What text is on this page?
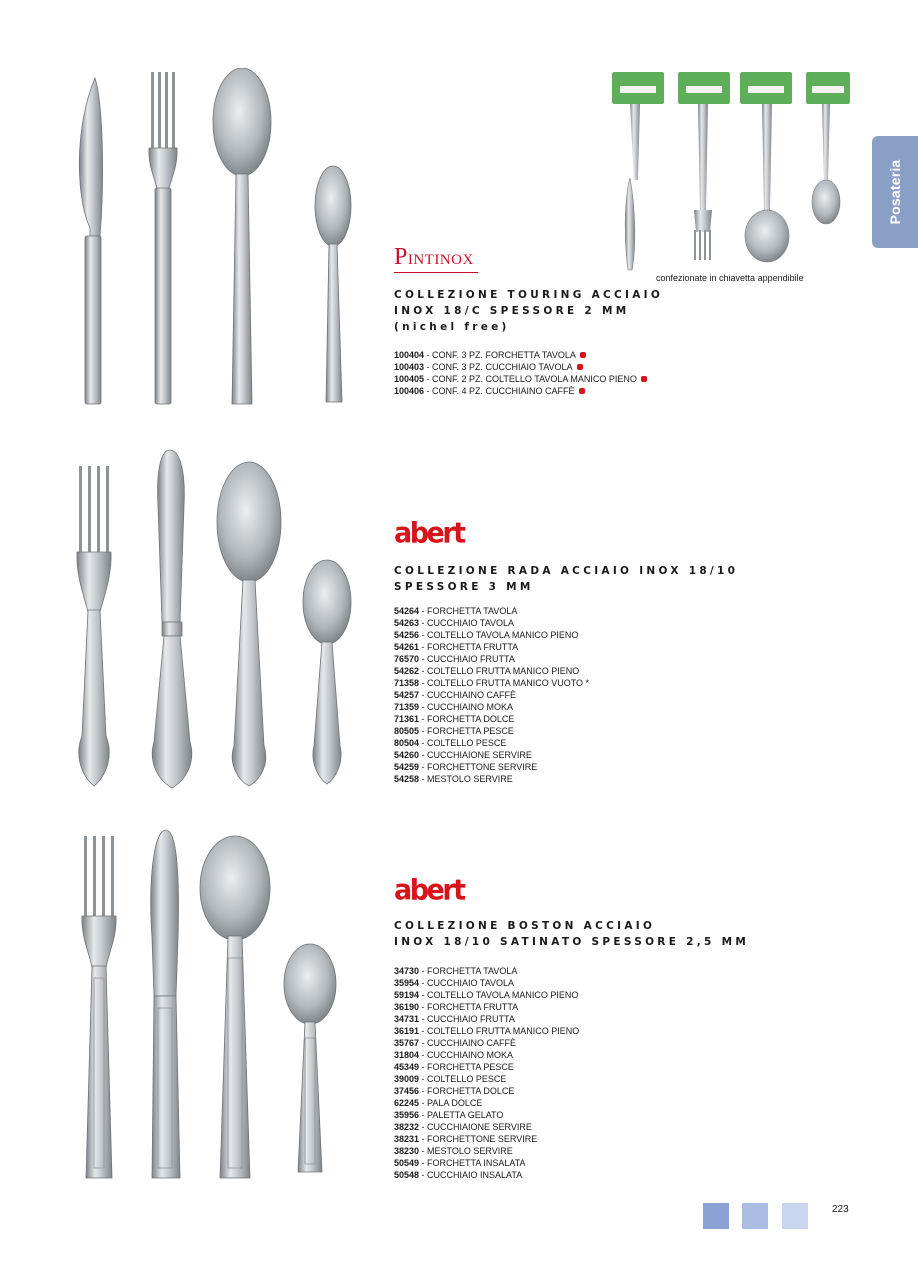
Posateria
confezionate in chiavetta appendibile
PINTINOX
COLLEZIONE TOURING ACCIAIO
INOX 18/C SPESSORE 2 MM
(nichel free)
100404 - CONF. 3 PZ. FORCHETTA TAVOLA
100403 - CONF. 3 PZ. CUCCHIAIO TAVOLA
100405 - CONF. 2 PZ. COLTELLO TAVOLA MANICO PIENO
100406 - CONF. 4 PZ. CUCCHIAINO CAFFÈ
abert
COLLEZIONE RADA ACCIAIO INOX 18/10
SPESSORE 3 MM
54264 - FORCHETTA TAVOLA
54263 - CUCCHIAIO TAVOLA
54256 - COLTELLO TAVOLA MANICO PIENO
54261 - FORCHETTA FRUTTA
76570 - CUCCHIAIO FRUTTA
54262 - COLTELLO FRUTTA MANICO PIENO
71358 - COLTELLO FRUTTA MANICO VUOTO *
54257 - CUCCHIAINO CAFFÈ
71359 - CUCCHIAINO MOKA
71361 - FORCHETTA DOLCE
80505 - FORCHETTA PESCE
80504 - COLTELLO PESCE
54260 - CUCCHIAIONE SERVIRE
54259 - FORCHETTONE SERVIRE
54258 - MESTOLO SERVIRE
abert
COLLEZIONE BOSTON ACCIAIO
INOX 18/10 SATINATO SPESSORE 2,5 MM
34730 - FORCHETTA TAVOLA
35954 - CUCCHIAIO TAVOLA
59194 - COLTELLO TAVOLA MANICO PIENO
36190 - FORCHETTA FRUTTA
34731 - CUCCHIAIO FRUTTA
36191 - COLTELLO FRUTTA MANICO PIENO
35767 - CUCCHIAINO CAFFÈ
31804 - CUCCHIAINO MOKA
45349 - FORCHETTA PESCE
39009 - COLTELLO PESCE
37456 - FORCHETTA DOLCE
62245 - PALA DOLCE
35956 - PALETTA GELATO
38232 - CUCCHIAIONE SERVIRE
38231 - FORCHETTONE SERVIRE
38230 - MESTOLO SERVIRE
50549 - FORCHETTA INSALATA
50548 - CUCCHIAIO INSALATA
223
